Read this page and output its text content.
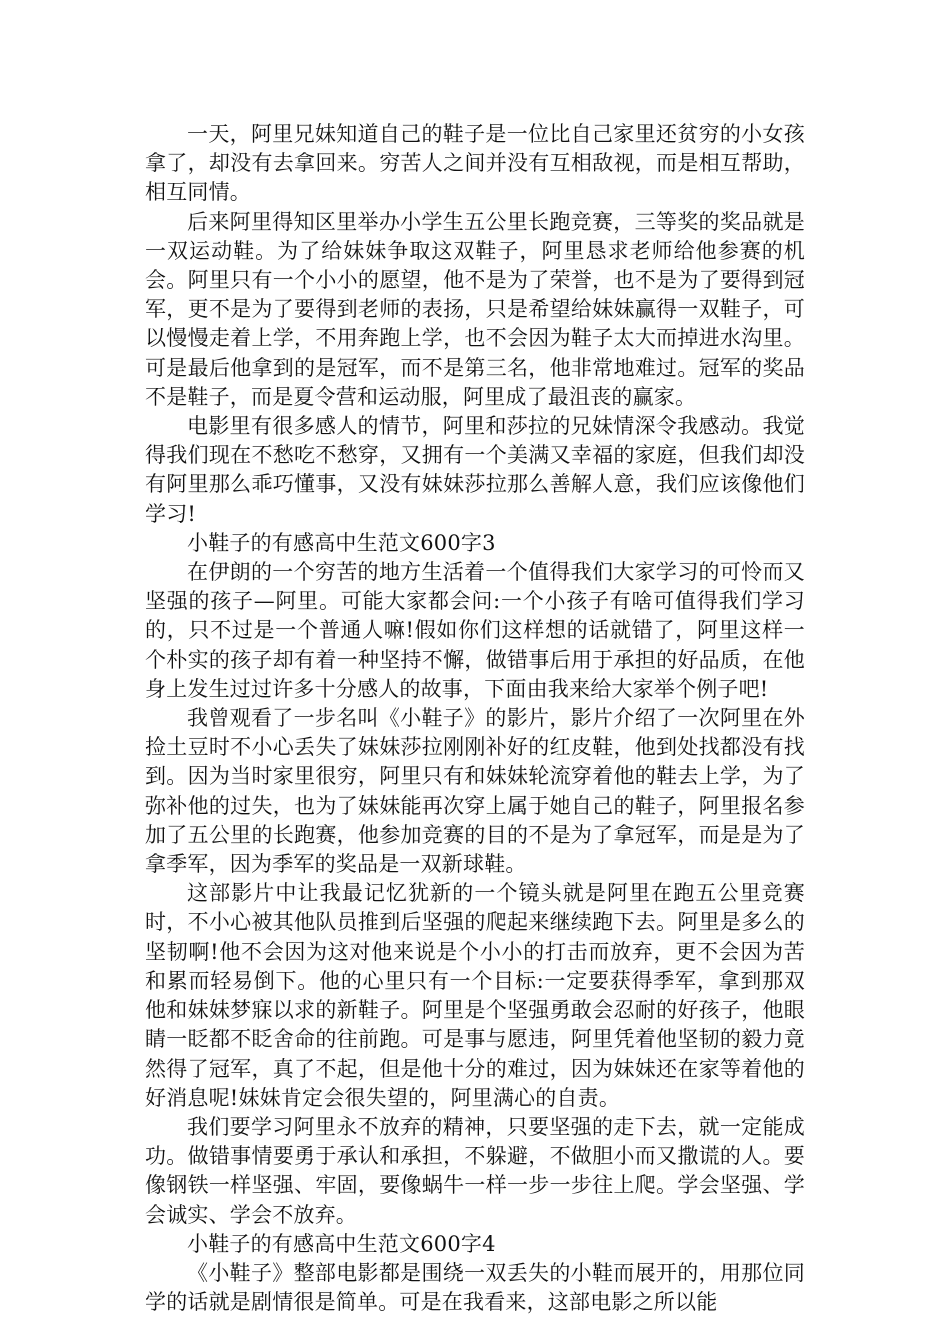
一天，阿里兄妹知道自己的鞋子是一位比自己家里还贫穷的小女孩拿了，却没有去拿回来。穷苦人之间并没有互相敌视，而是相互帮助，相互同情。

后来阿里得知区里举办小学生五公里长跑竞赛，三等奖的奖品就是一双运动鞋。为了给妹妹争取这双鞋子，阿里恳求老师给他参赛的机会。阿里只有一个小小的愿望，他不是为了荣誉，也不是为了要得到冠军，更不是为了要得到老师的表扬，只是希望给妹妹赢得一双鞋子，可以慢慢走着上学，不用奔跑上学，也不会因为鞋子太大而掉进水沟里。可是最后他拿到的是冠军，而不是第三名，他非常地难过。冠军的奖品不是鞋子，而是夏令营和运动服，阿里成了最沮丧的赢家。

电影里有很多感人的情节，阿里和莎拉的兄妹情深令我感动。我觉得我们现在不愁吃不愁穿，又拥有一个美满又幸福的家庭，但我们却没有阿里那么乖巧懂事，又没有妹妹莎拉那么善解人意，我们应该像他们学习!

小鞋子的有感高中生范文600字3

在伊朗的一个穷苦的地方生活着一个值得我们大家学习的可怜而又坚强的孩子—阿里。可能大家都会问:一个小孩子有啥可值得我们学习的，只不过是一个普通人嘛!假如你们这样想的话就错了，阿里这样一个朴实的孩子却有着一种坚持不懈，做错事后用于承担的好品质，在他身上发生过过许多十分感人的故事，下面由我来给大家举个例子吧!

我曾观看了一步名叫《小鞋子》的影片，影片介绍了一次阿里在外捡土豆时不小心丢失了妹妹莎拉刚刚补好的红皮鞋，他到处找都没有找到。因为当时家里很穷，阿里只有和妹妹轮流穿着他的鞋去上学，为了弥补他的过失，也为了妹妹能再次穿上属于她自己的鞋子，阿里报名参加了五公里的长跑赛，他参加竞赛的目的不是为了拿冠军，而是是为了拿季军，因为季军的奖品是一双新球鞋。

这部影片中让我最记忆犹新的一个镜头就是阿里在跑五公里竞赛时，不小心被其他队员推到后坚强的爬起来继续跑下去。阿里是多么的坚韧啊!他不会因为这对他来说是个小小的打击而放弃，更不会因为苦和累而轻易倒下。他的心里只有一个目标:一定要获得季军，拿到那双他和妹妹梦寐以求的新鞋子。阿里是个坚强勇敢会忍耐的好孩子，他眼睛一眨都不眨舍命的往前跑。可是事与愿违，阿里凭着他坚韧的毅力竟然得了冠军，真了不起，但是他十分的难过，因为妹妹还在家等着他的好消息呢!妹妹肯定会很失望的，阿里满心的自责。

我们要学习阿里永不放弃的精神，只要坚强的走下去，就一定能成功。做错事情要勇于承认和承担，不躲避，不做胆小而又撒谎的人。要像钢铁一样坚强、牢固，要像蜗牛一样一步一步往上爬。学会坚强、学会诚实、学会不放弃。

小鞋子的有感高中生范文600字4

《小鞋子》整部电影都是围绕一双丢失的小鞋而展开的，用那位同学的话就是剧情很是简单。可是在我看来，这部电影之所以能
